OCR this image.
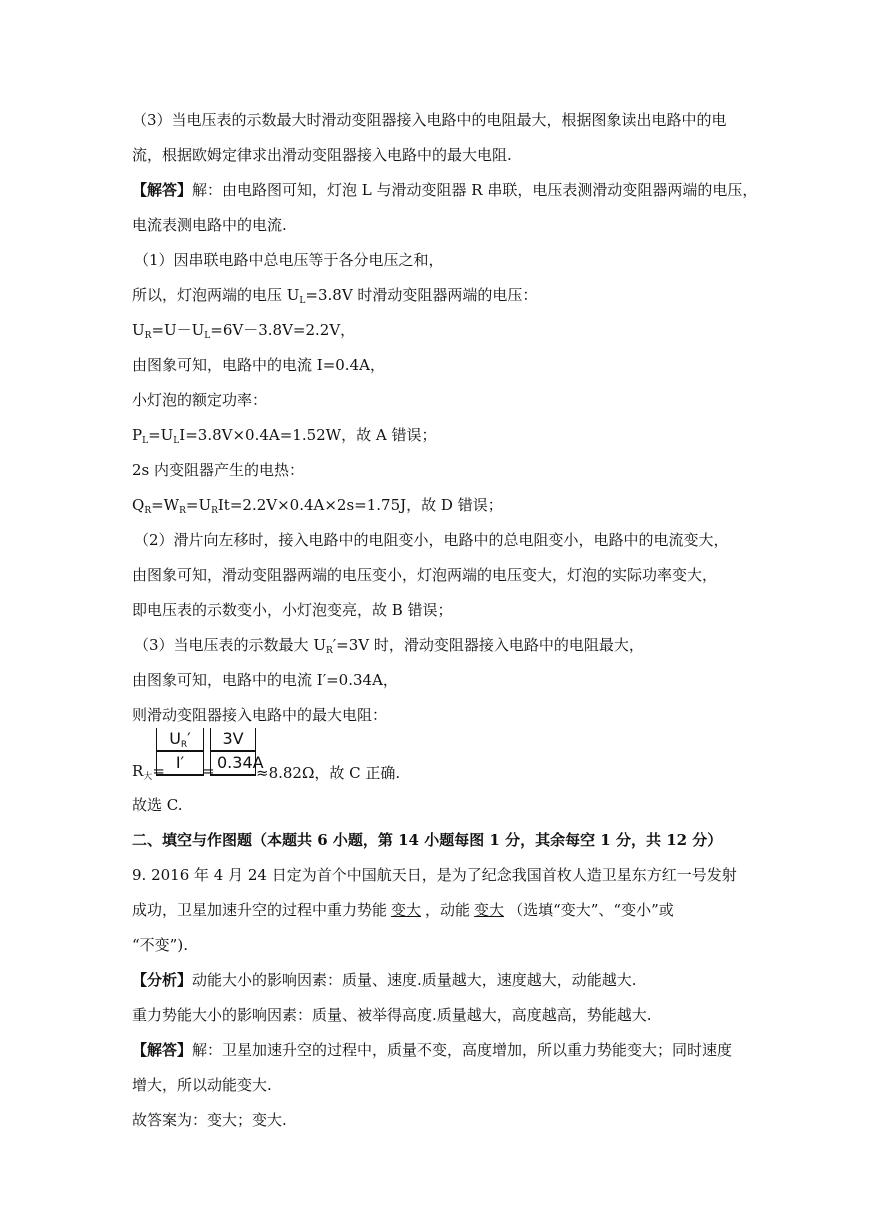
（3）当电压表的示数最大时滑动变阻器接入电路中的电阻最大，根据图象读出电路中的电
流，根据欧姆定律求出滑动变阻器接入电路中的最大电阻.
【解答】解：由电路图可知，灯泡 L 与滑动变阻器 R 串联，电压表测滑动变阻器两端的电压，
电流表测电路中的电流.
（1）因串联电路中总电压等于各分电压之和，
所以，灯泡两端的电压 $U_L=3.8V$ 时滑动变阻器两端的电压：
$U_R=U-U_L=6V-3.8V=2.2V$，
由图象可知，电路中的电流 I=0.4A，
小灯泡的额定功率：
$P_L=U_LI=3.8V\times 0.4A=1.52W$，故 A 错误；
2s 内变阻器产生的电热：
$Q_R=W_R=U_RIt=2.2V\times 0.4A\times 2s=1.75J$，故 D 错误；
（2）滑片向左移时，接入电路中的电阻变小，电路中的总电阻变小，电路中的电流变大，
由图象可知，滑动变阻器两端的电压变小，灯泡两端的电压变大，灯泡的实际功率变大，
即电压表的示数变小，小灯泡变亮，故 B 错误；
（3）当电压表的示数最大 $U_R'=3V$ 时，滑动变阻器接入电路中的电阻最大，
由图象可知，电路中的电流 I′=0.34A，
则滑动变阻器接入电路中的最大电阻：
$R_大=$
$\frac{U_R'}{I'}$
=
$\frac{3V}{0.34A} \approx 8.82\Omega$，故 C 正确.
故选 C.
二、填空与作图题（本题共 6 小题，第 14 小题每图 1 分，其余每空 1 分，共 12 分）
9. 2016 年 4 月 24 日定为首个中国航天日，是为了纪念我国首枚人造卫星东方红一号发射
成功，卫星加速升空的过程中重力势能变大，动能变大（选填“变大”、“变小”或
“不变”).
【分析】动能大小的影响因素：质量、速度.质量越大，速度越大，动能越大.
重力势能大小的影响因素：质量、被举得高度.质量越大，高度越高，势能越大.
【解答】解：卫星加速升空的过程中，质量不变，高度增加，所以重力势能变大；同时速度
增大，所以动能变大.
故答案为：变大；变大.
